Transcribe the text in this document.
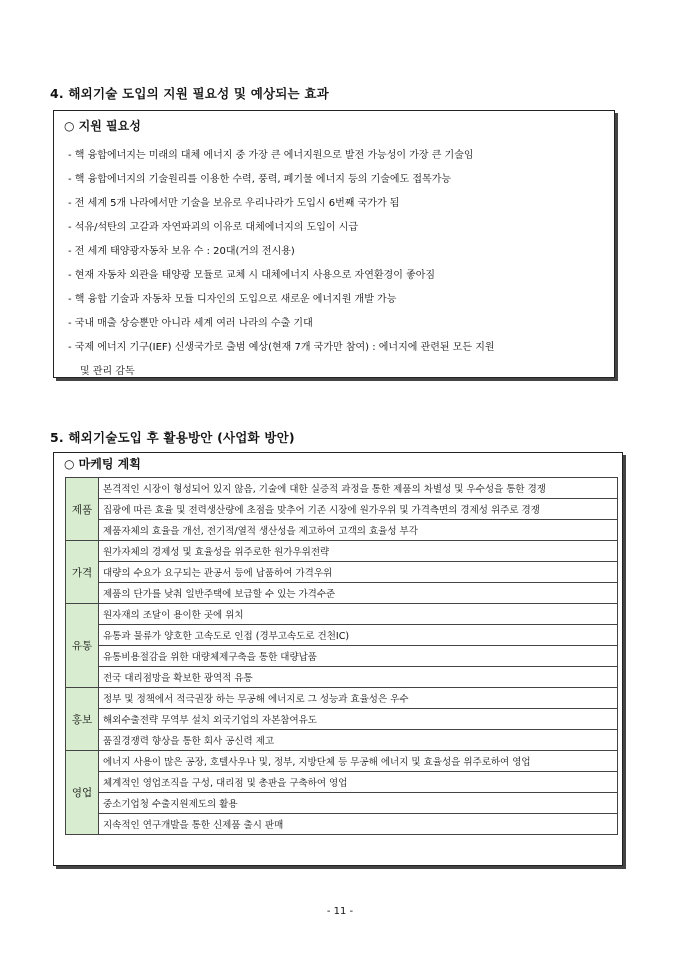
4. 해외기술 도입의 지원 필요성 및 예상되는 효과
○ 지원 필요성
- 핵 융합에너지는 미래의 대체 에너지 중 가장 큰 에너지원으로 발전 가능성이 가장 큰 기술임
- 핵 융합에너지의 기술원리를 이용한 수력, 풍력, 폐기물 에너지 등의 기술에도 접목가능
- 전 세계 5개 나라에서만 기술을 보유로 우리나라가 도입시 6번째 국가가 됨
- 석유/석탄의 고갈과 자연파괴의 이유로 대체에너지의 도입이 시급
- 전 세계 태양광자동차 보유 수 : 20대(거의 전시용)
- 현재 자동차 외관을 태양광 모듈로 교체 시 대체에너지 사용으로 자연환경이 좋아짐
- 핵 융합 기술과 자동차 모듈 디자인의 도입으로 새로운 에너지원 개발 가능
- 국내 매출 상승뿐만 아니라 세계 여러 나라의 수출 기대
- 국제 에너지 기구(IEF) 신생국가로 출범 예상(현재 7개 국가만 참여) : 에너지에 관련된 모든 지원
및 관리 감독
5. 해외기술도입 후 활용방안 (사업화 방안)
○ 마케팅 계획
제품	본격적인 시장이 형성되어 있지 않음, 기술에 대한 실증적 과정을 통한 제품의 차별성 및 우수성을 통한 경쟁
	집광에 따른 효율 및 전력생산량에 초점을 맞추어 기존 시장에 원가우위 및 가격측면의 경제성 위주로 경쟁
	제품자체의 효율을 개선, 전기적/열적 생산성을 제고하여 고객의 효율성 부각
가격	원가자체의 경제성 및 효율성을 위주로한 원가우위전략
	대량의 수요가 요구되는 관공서 등에 납품하여 가격우위
	제품의 단가를 낮춰 일반주택에 보급할 수 있는 가격수준
유통	원자재의 조달이 용이한 곳에 위치
	유통과 물류가 양호한 고속도로 인접 (경부고속도로 건천IC)
	유통비용절감을 위한 대량체제구축을 통한 대량납품
	전국 대리점망을 확보한 광역적 유통
홍보	정부 및 정책에서 적극권장 하는 무공해 에너지로 그 성능과 효율성은 우수
	해외수출전략 무역부 설치 외국기업의 자본참여유도
	품질경쟁력 향상을 통한 회사 공신력 제고
영업	에너지 사용이 많은 공장, 호텔사우나 및, 정부, 지방단체 등 무공해 에너지 및 효율성을 위주로하여 영업
	체계적인 영업조직을 구성, 대리점 및 총판을 구축하여 영업
	중소기업청 수출지원제도의 활용
	지속적인 연구개발을 통한 신제품 출시 판매
- 11 -
